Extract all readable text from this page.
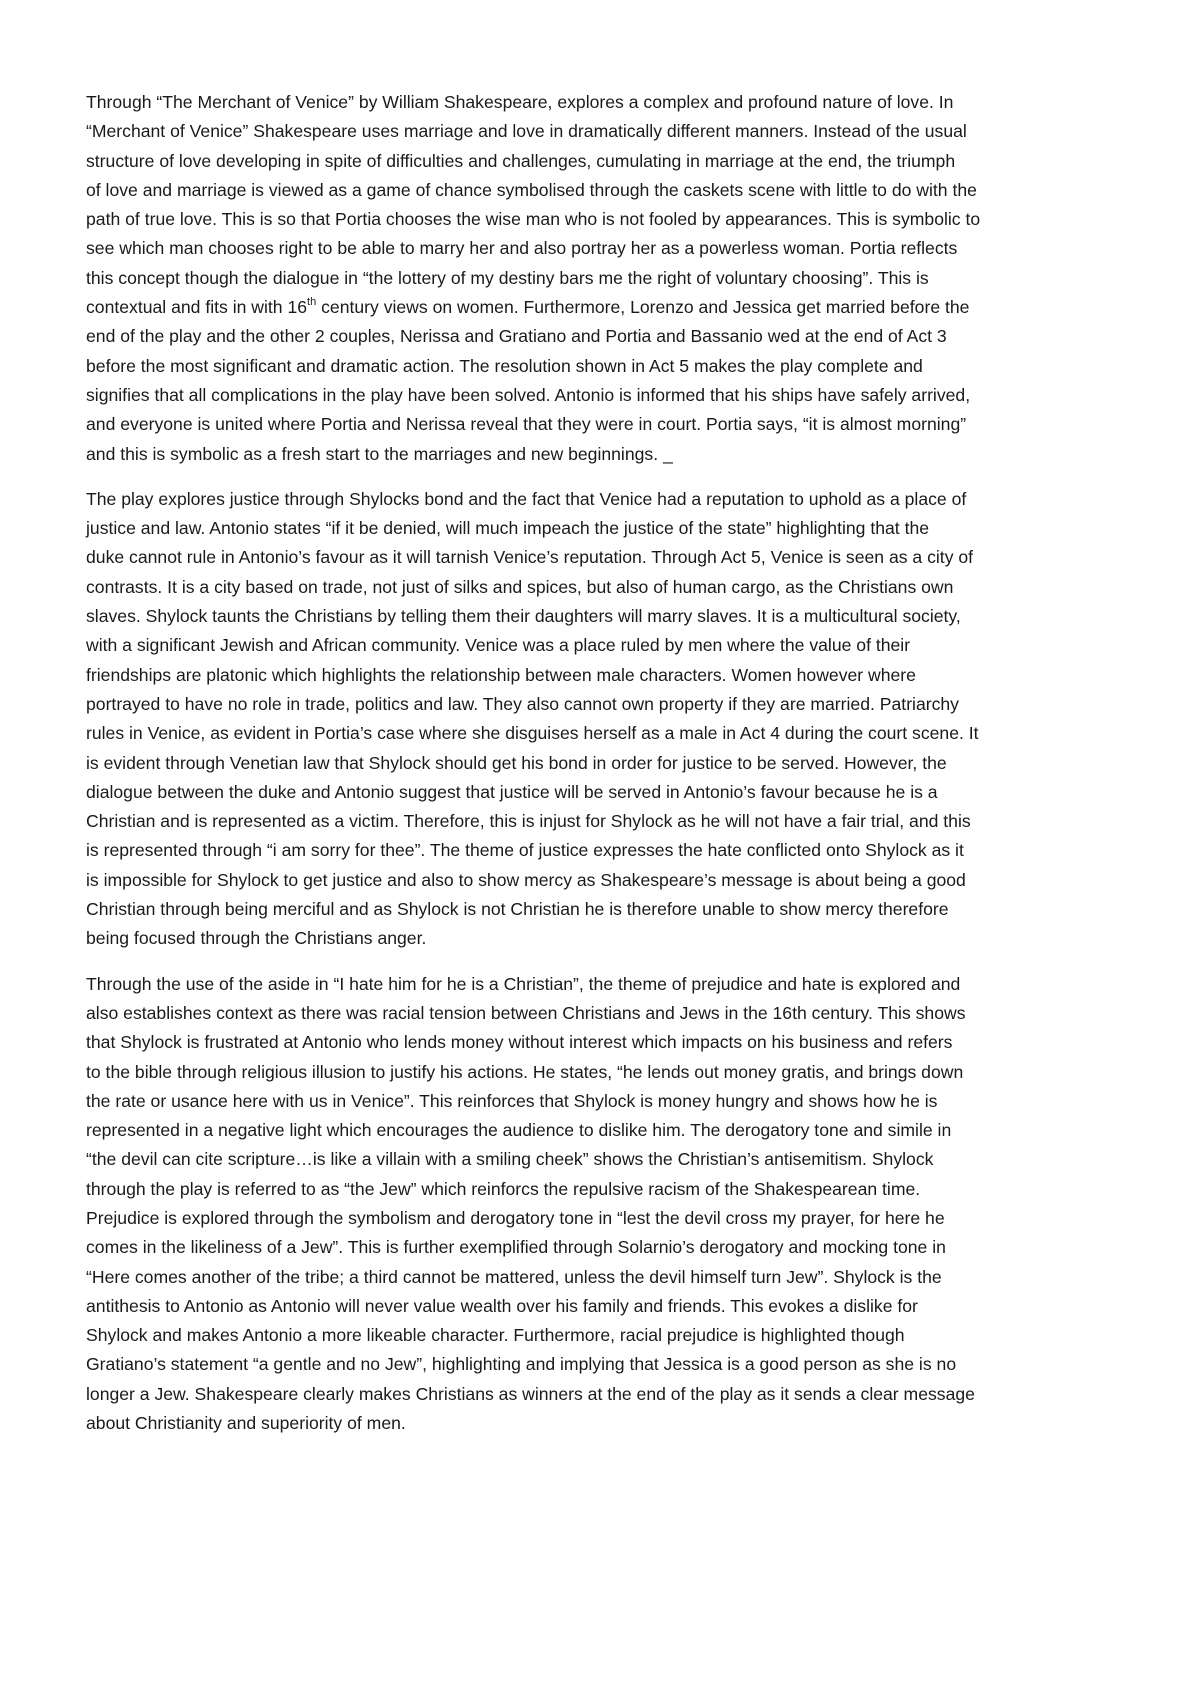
Through “The Merchant of Venice” by William Shakespeare, explores a complex and profound nature of love. In
“Merchant of Venice” Shakespeare uses marriage and love in dramatically different manners. Instead of the usual
structure of love developing in spite of difficulties and challenges, cumulating in marriage at the end, the triumph
of love and marriage is viewed as a game of chance symbolised through the caskets scene with little to do with the
path of true love. This is so that Portia chooses the wise man who is not fooled by appearances. This is symbolic to
see which man chooses right to be able to marry her and also portray her as a powerless woman. Portia reflects
this concept though the dialogue in “the lottery of my destiny bars me the right of voluntary choosing”. This is
contextual and fits in with 16th century views on women. Furthermore, Lorenzo and Jessica get married before the
end of the play and the other 2 couples, Nerissa and Gratiano and Portia and Bassanio wed at the end of Act 3
before the most significant and dramatic action. The resolution shown in Act 5 makes the play complete and
signifies that all complications in the play have been solved. Antonio is informed that his ships have safely arrived,
and everyone is united where Portia and Nerissa reveal that they were in court. Portia says, “it is almost morning”
and this is symbolic as a fresh start to the marriages and new beginnings. _

The play explores justice through Shylocks bond and the fact that Venice had a reputation to uphold as a place of
justice and law. Antonio states “if it be denied, will much impeach the justice of the state” highlighting that the
duke cannot rule in Antonio’s favour as it will tarnish Venice’s reputation. Through Act 5, Venice is seen as a city of
contrasts. It is a city based on trade, not just of silks and spices, but also of human cargo, as the Christians own
slaves. Shylock taunts the Christians by telling them their daughters will marry slaves. It is a multicultural society,
with a significant Jewish and African community. Venice was a place ruled by men where the value of their
friendships are platonic which highlights the relationship between male characters. Women however where
portrayed to have no role in trade, politics and law. They also cannot own property if they are married. Patriarchy
rules in Venice, as evident in Portia’s case where she disguises herself as a male in Act 4 during the court scene. It
is evident through Venetian law that Shylock should get his bond in order for justice to be served. However, the
dialogue between the duke and Antonio suggest that justice will be served in Antonio’s favour because he is a
Christian and is represented as a victim. Therefore, this is injust for Shylock as he will not have a fair trial, and this
is represented through “i am sorry for thee”. The theme of justice expresses the hate conflicted onto Shylock as it
is impossible for Shylock to get justice and also to show mercy as Shakespeare’s message is about being a good
Christian through being merciful and as Shylock is not Christian he is therefore unable to show mercy therefore
being focused through the Christians anger.

Through the use of the aside in “I hate him for he is a Christian”, the theme of prejudice and hate is explored and
also establishes context as there was racial tension between Christians and Jews in the 16th century. This shows
that Shylock is frustrated at Antonio who lends money without interest which impacts on his business and refers
to the bible through religious illusion to justify his actions. He states, “he lends out money gratis, and brings down
the rate or usance here with us in Venice”. This reinforces that Shylock is money hungry and shows how he is
represented in a negative light which encourages the audience to dislike him. The derogatory tone and simile in
“the devil can cite scripture…is like a villain with a smiling cheek” shows the Christian’s antisemitism. Shylock
through the play is referred to as “the Jew” which reinforcs the repulsive racism of the Shakespearean time.
Prejudice is explored through the symbolism and derogatory tone in “lest the devil cross my prayer, for here he
comes in the likeliness of a Jew”. This is further exemplified through Solarnio’s derogatory and mocking tone in
“Here comes another of the tribe; a third cannot be mattered, unless the devil himself turn Jew”. Shylock is the
antithesis to Antonio as Antonio will never value wealth over his family and friends. This evokes a dislike for
Shylock and makes Antonio a more likeable character. Furthermore, racial prejudice is highlighted though
Gratiano’s statement “a gentle and no Jew”, highlighting and implying that Jessica is a good person as she is no
longer a Jew. Shakespeare clearly makes Christians as winners at the end of the play as it sends a clear message
about Christianity and superiority of men.
